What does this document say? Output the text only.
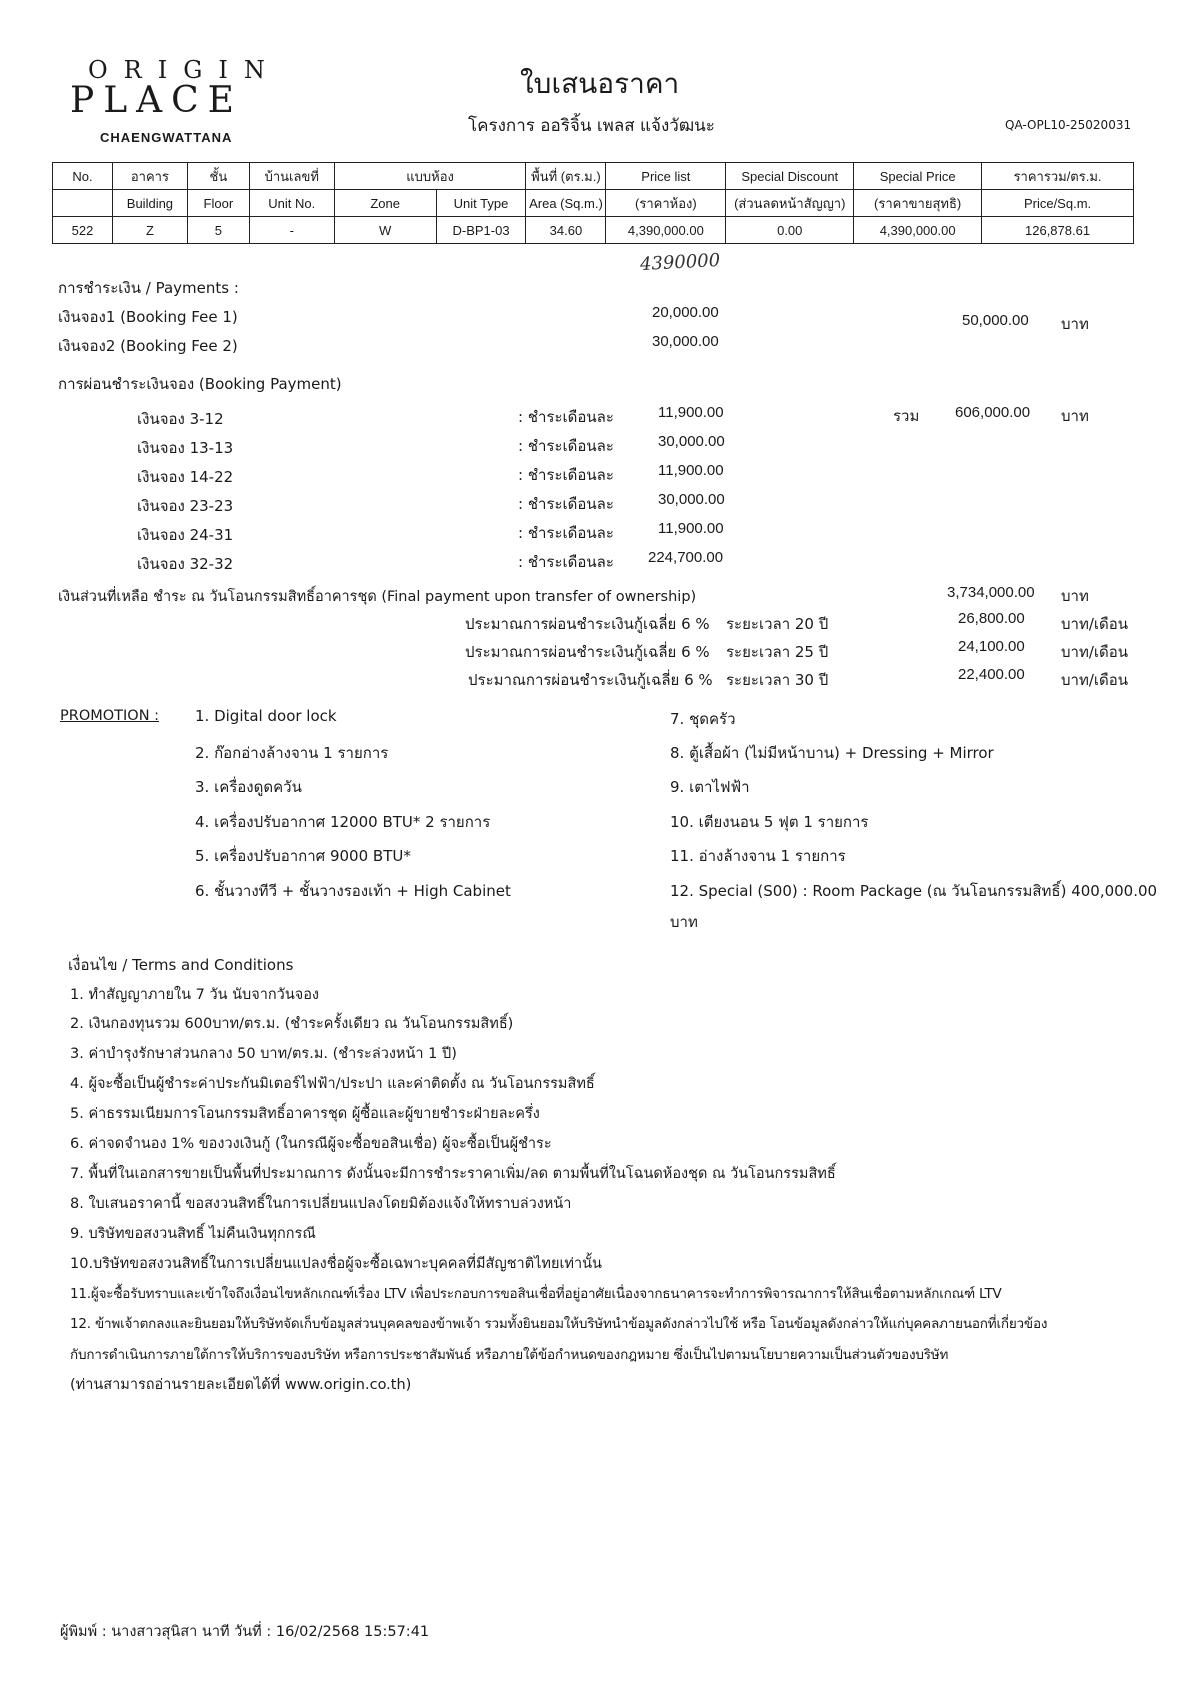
ORIGIN
PLACE
CHAENGWATTANA
ใบเสนอราคา
โครงการ ออริจิ้น เพลส แจ้งวัฒนะ	QA-OPL10-25020031
No.	อาคาร	ชั้น	บ้านเลขที่	แบบห้อง		พื้นที่ (ตร.ม.)	Price list	Special Discount	Special Price	ราคารวม/ตร.ม.
	Building	Floor	Unit No.	Zone	Unit Type	Area (Sq.m.)	(ราคาห้อง)	(ส่วนลดหน้าสัญญา)	(ราคาขายสุทธิ)	Price/Sq.m.
522	Z	5	-	W	D-BP1-03	34.60	4,390,000.00	0.00	4,390,000.00	126,878.61
4390000
การชำระเงิน / Payments :
เงินจอง1 (Booking Fee 1)	20,000.00
เงินจอง2 (Booking Fee 2)	30,000.00
50,000.00 บาท
การผ่อนชำระเงินจอง (Booking Payment)
เงินจอง 3-12	: ชำระเดือนละ	11,900.00	รวม 606,000.00 บาท
เงินจอง 13-13	: ชำระเดือนละ	30,000.00
เงินจอง 14-22	: ชำระเดือนละ	11,900.00
เงินจอง 23-23	: ชำระเดือนละ	30,000.00
เงินจอง 24-31	: ชำระเดือนละ	11,900.00
เงินจอง 32-32	: ชำระเดือนละ 224,700.00
เงินส่วนที่เหลือ ชำระ ณ วันโอนกรรมสิทธิ์อาคารชุด (Final payment upon transfer of ownership)	3,734,000.00 บาท
ประมาณการผ่อนชำระเงินกู้เฉลี่ย 6 % ระยะเวลา 20 ปี	26,800.00 บาท/เดือน
ประมาณการผ่อนชำระเงินกู้เฉลี่ย 6 % ระยะเวลา 25 ปี	24,100.00 บาท/เดือน
ประมาณการผ่อนชำระเงินกู้เฉลี่ย 6 % ระยะเวลา 30 ปี	22,400.00 บาท/เดือน
PROMOTION : 1. Digital door lock
2. ก๊อกอ่างล้างจาน 1 รายการ
3. เครื่องดูดควัน
4. เครื่องปรับอากาศ 12000 BTU* 2 รายการ
5. เครื่องปรับอากาศ 9000 BTU*
6. ชั้นวางทีวี + ชั้นวางรองเท้า + High Cabinet
7. ชุดครัว
8. ตู้เสื้อผ้า (ไม่มีหน้าบาน) + Dressing + Mirror
9. เตาไฟฟ้า
10. เตียงนอน 5 ฟุต 1 รายการ
11. อ่างล้างจาน 1 รายการ
12. Special (S00) : Room Package (ณ วันโอนกรรมสิทธิ์) 400,000.00
บาท
เงื่อนไข / Terms and Conditions
1. ทำสัญญาภายใน 7 วัน นับจากวันจอง
2. เงินกองทุนรวม 600บาท/ตร.ม. (ชำระครั้งเดียว ณ วันโอนกรรมสิทธิ์)
3. ค่าบำรุงรักษาส่วนกลาง 50 บาท/ตร.ม. (ชำระล่วงหน้า 1 ปี)
4. ผู้จะซื้อเป็นผู้ชำระค่าประกันมิเตอร์ไฟฟ้า/ประปา และค่าติดตั้ง ณ วันโอนกรรมสิทธิ์
5. ค่าธรรมเนียมการโอนกรรมสิทธิ์อาคารชุด ผู้ซื้อและผู้ขายชำระฝ่ายละครึ่ง
6. ค่าจดจำนอง 1% ของวงเงินกู้ (ในกรณีผู้จะซื้อขอสินเชื่อ) ผู้จะซื้อเป็นผู้ชำระ
7. พื้นที่ในเอกสารขายเป็นพื้นที่ประมาณการ ดังนั้นจะมีการชำระราคาเพิ่ม/ลด ตามพื้นที่ในโฉนดห้องชุด ณ วันโอนกรรมสิทธิ์
8. ใบเสนอราคานี้ ขอสงวนสิทธิ์ในการเปลี่ยนแปลงโดยมิต้องแจ้งให้ทราบล่วงหน้า
9. บริษัทขอสงวนสิทธิ์ ไม่คืนเงินทุกกรณี
10.บริษัทขอสงวนสิทธิ์ในการเปลี่ยนแปลงชื่อผู้จะซื้อเฉพาะบุคคลที่มีสัญชาติไทยเท่านั้น
11.ผู้จะซื้อรับทราบและเข้าใจถึงเงื่อนไขหลักเกณฑ์เรื่อง LTV เพื่อประกอบการขอสินเชื่อที่อยู่อาศัยเนื่องจากธนาคารจะทำการพิจารณาการให้สินเชื่อตามหลักเกณฑ์ LTV
12. ข้าพเจ้าตกลงและยินยอมให้บริษัทจัดเก็บข้อมูลส่วนบุคคลของข้าพเจ้า รวมทั้งยินยอมให้บริษัทนำข้อมูลดังกล่าวไปใช้ หรือ โอนข้อมูลดังกล่าวให้แก่บุคคลภายนอกที่เกี่ยวข้อง
กับการดำเนินการภายใต้การให้บริการของบริษัท หรือการประชาสัมพันธ์ หรือภายใต้ข้อกำหนดของกฎหมาย ซึ่งเป็นไปตามนโยบายความเป็นส่วนตัวของบริษัท
(ท่านสามารถอ่านรายละเอียดได้ที่ www.origin.co.th)
ผู้พิมพ์ : นางสาวสุนิสา นาที วันที่ : 16/02/2568 15:57:41
